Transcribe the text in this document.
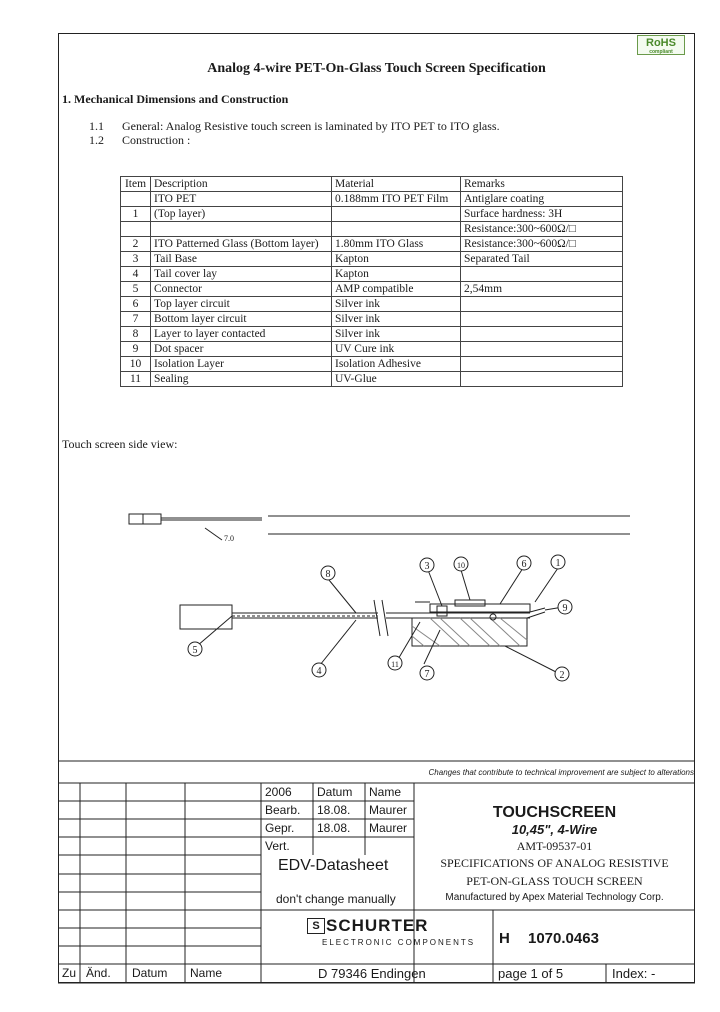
RoHS
compliant
Analog 4-wire PET-On-Glass Touch Screen Specification
1. Mechanical Dimensions and Construction
1.1 General: Analog Resistive touch screen is laminated by ITO PET to ITO glass.
1.2 Construction :
Item	Description	Material	Remarks
	ITO PET	0.188mm ITO PET Film	Antiglare coating
1	(Top layer)		Surface hardness: 3H
			Resistance:300~600Ω/□
2	ITO Patterned Glass (Bottom layer)	1.80mm ITO Glass	Resistance:300~600Ω/□
3	Tail Base	Kapton	Separated Tail
4	Tail cover lay	Kapton	
5	Connector	AMP compatible	2,54mm
6	Top layer circuit	Silver ink	
7	Bottom layer circuit	Silver ink	
8	Layer to layer contacted	Silver ink	
9	Dot spacer	UV Cure ink	
10	Isolation Layer	Isolation Adhesive	
11	Sealing	UV-Glue	
Touch screen side view:
1
2
3
4
5
6
7
8
9
10
11
7.0
Changes that contribute to technical improvement are subject to alterations
2006 Datum Name
Bearb. 18.08. Maurer
Gepr. 18.08. Maurer
Vert.
EDV-Datasheet
don't change manually
S SCHURTER
ELECTRONIC COMPONENTS
D 79346 Endingen
Zu Änd. Datum Name
TOUCHSCREEN
10,45", 4-Wire
AMT-09537-01
SPECIFICATIONS OF ANALOG RESISTIVE
PET-ON-GLASS TOUCH SCREEN
Manufactured by Apex Material Technology Corp.
H 1070.0463
page 1 of 5	Index: -
